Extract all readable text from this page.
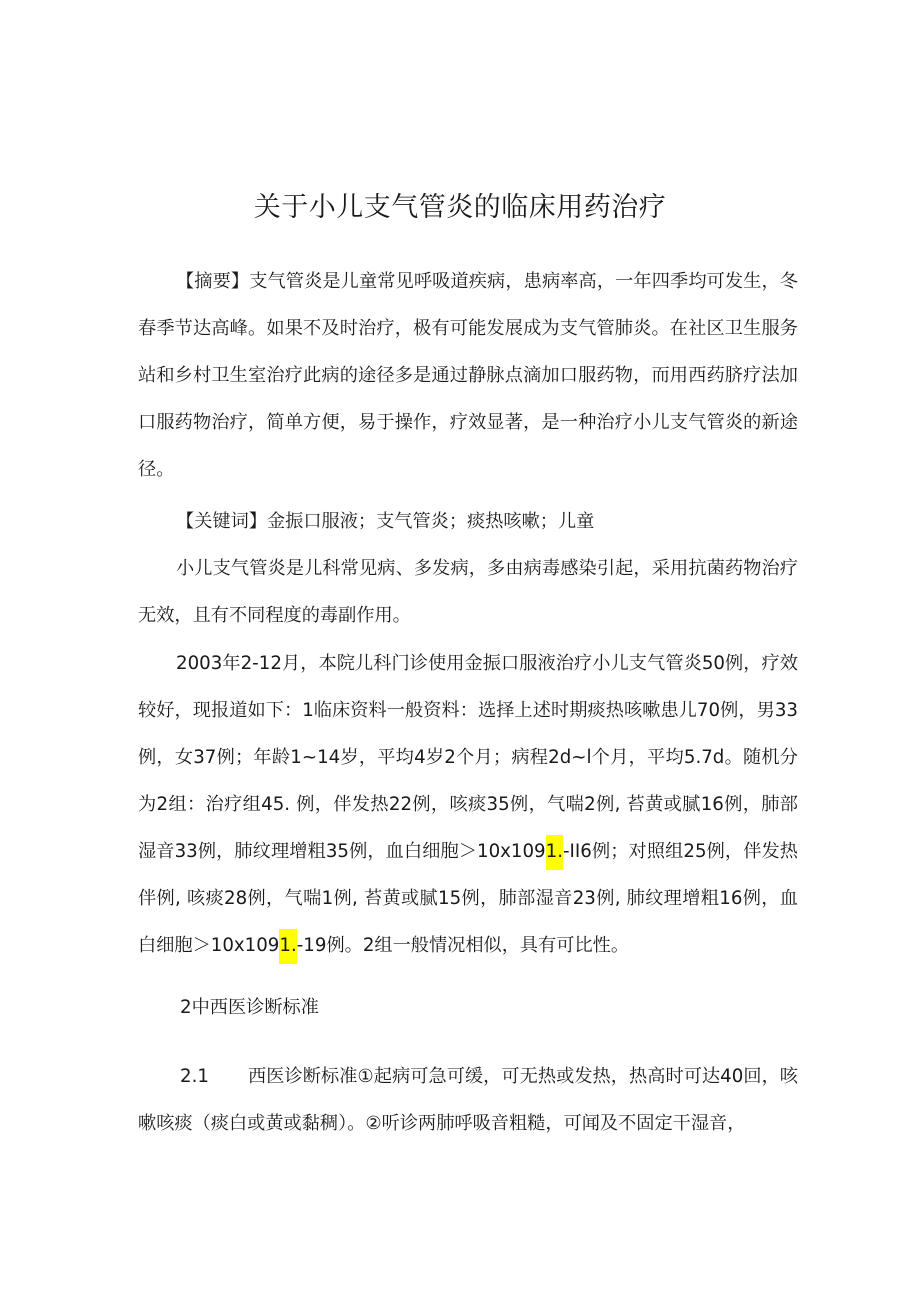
关于小儿支气管炎的临床用药治疗
【摘要】支气管炎是儿童常见呼吸道疾病，患病率高，一年四季均可发生，冬春季节达高峰。如果不及时治疗，极有可能发展成为支气管肺炎。在社区卫生服务站和乡村卫生室治疗此病的途径多是通过静脉点滴加口服药物，而用西药脐疗法加口服药物治疗，简单方便，易于操作，疗效显著，是一种治疗小儿支气管炎的新途径。
【关键词】金振口服液；支气管炎；痰热咳嗽；儿童
小儿支气管炎是儿科常见病、多发病，多由病毒感染引起，采用抗菌药物治疗无效，且有不同程度的毒副作用。
2003年2-12月，本院儿科门诊使用金振口服液治疗小儿支气管炎50例，疗效较好，现报道如下：1临床资料一般资料：选择上述时期痰热咳嗽患儿70例，男33例，女37例；年龄1~14岁，平均4岁2个月；病程2d~l个月，平均5.7d。随机分为2组：治疗组45. 例，伴发热22例，咳痰35例，气喘2例, 苔黄或腻16例，肺部湿音33例，肺纹理增粗35例，血白细胞＞10x1091.-II6例；对照组25例，伴发热伴例, 咳痰28例，气喘1例, 苔黄或腻15例，肺部湿音23例, 肺纹理增粗16例，血白细胞＞10x1091.-19例。2组一般情况相似，具有可比性。
2中西医诊断标准
2.1 西医诊断标准①起病可急可缓，可无热或发热，热高时可达40回，咳嗽咳痰（痰白或黄或黏稠）。②听诊两肺呼吸音粗糙，可闻及不固定干湿音，
